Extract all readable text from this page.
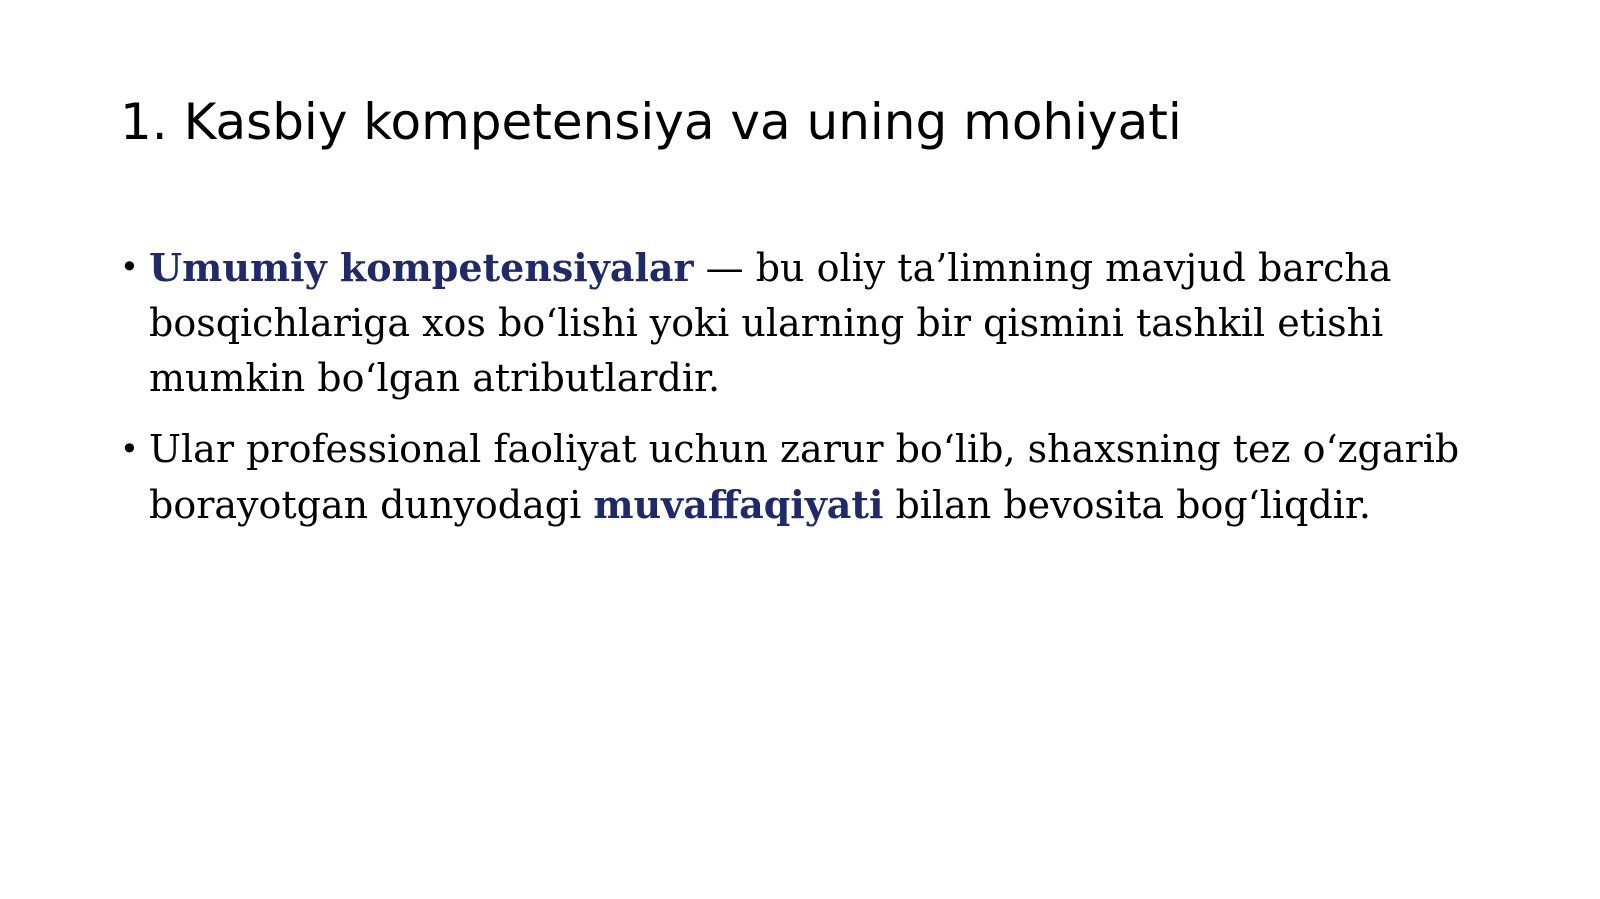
1. Kasbiy kompetensiya va uning mohiyati
• Umumiy kompetensiyalar — bu oliy ta’limning mavjud barcha bosqichlariga xos bo‘lishi yoki ularning bir qismini tashkil etishi mumkin bo‘lgan atributlardir.
• Ular professional faoliyat uchun zarur bo‘lib, shaxsning tez o‘zgarib borayotgan dunyodagi muvaffaqiyati bilan bevosita bog‘liqdir.
